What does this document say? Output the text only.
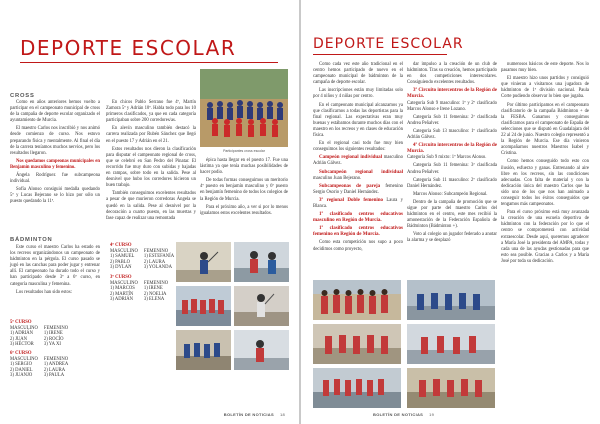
DEPORTE ESCOLAR
CROSS

Como en años anteriores hemos vuelto a participar en el campeonato municipal de cross de la campaña de deporte escolar organizado el ayuntamiento de Murcia.

El maestro Carlos nos inscribió y nos animó desde comienzo de curso. Nos estuvo preparando física y mentalmente. Al final el día de la carrera teníamos muchos nervios, pero los resultados llegaron.

Nos quedamos campeonas municipales en Benjamín masculino y femenino.

Ángela Rodríguez fue subcampeona individual.

Sofía Alonso consiguió medalla quedando 5º y Lucas Bejerano se lo hizo por sólo un puesto quedando la 11ª.

En chicos Pablo Serrano fue 4º, Martín Zamora 5º y Adrián 10º. Habla todo para los 10 primeros clasificados, ya que en cada categoría participaban sobre 200 corredores/as.

En alevín masculino también destacó la carrera realizada por Rubén Sánchez que llegó en el puesto 17 y Adrián en el 21.

Estos resultados nos dieron la clasificación para disputar el campeonato regional de cross, que se celebró en San Pedro del Pinatar. El recorrido fue muy duro con subidas y bajadas en rampas, sobre todo en la salida. Pese al desnivel que hubo los corredores hicieron un buen trabajo.

También conseguimos excelentes resultados a pesar de que murieron corredoras Ángela se quedó en la salida. Pese al desnivel por la decoración a cuarto puesto, en las muertas y fase capaz de realizar una remontada

Participantes cross escolar

épica hasta llegar en el puesto 17. Fue una lástima ya que tenía muchas posibilidades de hacer podio.

De todas formas conseguimos un meritorio 4º puesto en benjamín masculino y 6º puesto en benjamín femenino de todos los colegios de la Región de Murcia.

Para el próximo año, a ver si por lo menos igualamos estos excelentes resultados.

BÁDMINTON

Este curso el maestro Carlos ha estado en los recreos organizándonos un campeonato de bádminton en la pérgola. El curso pasado se jugó en las canchas para poder jugar y entrenar allí. El campeonato ha durado todo el curso y han participado desde 3º a 6º curso, en categoría masculina y femenina.

Los resultados han sido estos:

5º CURSO
MASCULINO	FEMENINO
1) ADRIÁN	1) IRENE
2) JUAN	2) ROCÍO
3) HÉCTOR	3) YA XI
6º CURSO
MASCULINO	FEMENINO
1) SERGIO	1) ANDREA
2) DANIEL	2) LAURA
3) JUANJO	3) PAULA
4º CURSO
MASCULINO	FEMENINO
1) SAMUEL	1) ESTEFANÍA
2) PABLO	2) LAURA
3) DYLAN	3) YOLANDA
3º CURSO
MASCULINO	FEMENINO
1) MARCOS	1) IRENE
2) MARTÍN	2) NOELIA
3) ADRIÁN	3) ELENA
BOLETÍN DE NOTICIAS 18
DEPORTE ESCOLAR

Como cada vez este año tradicional en el centro hemos participado de nuevo en el campeonato municipal de bádminton de la campaña de deporte escolar.

Las inscripciones están muy limitadas solo por 4 niños y 4 niñas por centro.

En el campeonato municipal alcanzamos ya que clasificarnos a todas las deportistas para la final regional. Las expectativas eran muy buenas y estábamos durante muchos días con el maestro en los recreos y en clases de educación física.

En el regional casi todo fue muy bien conseguimos los siguientes resultados:

Campeón regional individual masculino Adrián Gálvez.

Subcampeón regional individual masculino Juan Bejerano.

Subcampeonas de pareja femenino Sergio Osorio y Daniel Hernández.

3º regional Doble femenino Laura y Blanca.

1º clasificado centros educativos masculino en Región de Murcia.

1º clasificado centros educativos femenino en Región de Murcia.

Como esta competición nos supo a poco decidimos como proyecto,

dar impulso a la creación de un club de bádminton. Tras su creación, hemos participado en dos competiciones interescolares. Consiguiendo excelentes resultados.

3º Circuito intercentros de la Región de Murcia.
Categoría Sub 9 masculino: 1º y 2º clasificado Marcos Alonso e Irene Lozano.

Categoría Sub 11 femenina: 2ª clasificada Andrea Peñalver.

Categoría Sub 13 masculino: 1º clasificado Adrián Gálvez.

4º Circuito intercentros de la Región de Murcia.
Categoría Sub 9 mixto: 1º Marcos Alonso.

Categoría Sub 11 femenina: 3ª clasificada Andrea Peñalver.

Categoría Sub 11 masculino: 2º clasificado Daniel Hernández.

Marcos Alonso: Subcampeón Regional.

Dentro de la campaña de promoción que se sigue por parte del maestro Carlos del bádminton en el centro, este mes recibió la amonestación de la Federación Española de Bádminton (Bádminton +).

Voto al colegio un jugador federado a anotar la alarma y se desplazó

numerosos básicos de este deporte. Nos lo pasamos muy bien.

El maestro hizo unos partidos y consiguió que vinieran a visitarnos una jugadora de bádminton de 1ª división nacional. Paula Corte pudiendo observar lo bien que jugaba.

Por último participamos en el campeonato clasificatorio de la campaña Bádminton + de la FESBA. Ganamos y conseguimos clasificarnos para el campeonato de España de selecciones que se disputó en Guadalajara del 22 al 24 de junio. Nuestro colegio representó a la Región de Murcia. Ese día vinieron acompañarnos nuestros Maestros Isabel y Cristina.

Como hemos conseguido todo esto con ilusión, esfuerzo y ganas. Entrenando al aire libre en los recreos, sin las condiciones adecuadas. Con falta de material y con la dedicación única del maestro Carlos que ha sido uno de los que nos han animado a conseguir todos los éxitos conseguidos que tengamos más campeonatos.

Para el curso próximo está muy avanzada la creación de una escuela deportiva de bádminton con la federación por lo que el centro se comprometerá con actividad extraescolar. Desde aquí, queremos agradecer a María José la presidenta del AMPA, todas y cada una de las ayudas gestionadas para que esto sea posible. Gracias a Carlos y a María José por toda su dedicación.

BOLETÍN DE NOTICIAS 19
